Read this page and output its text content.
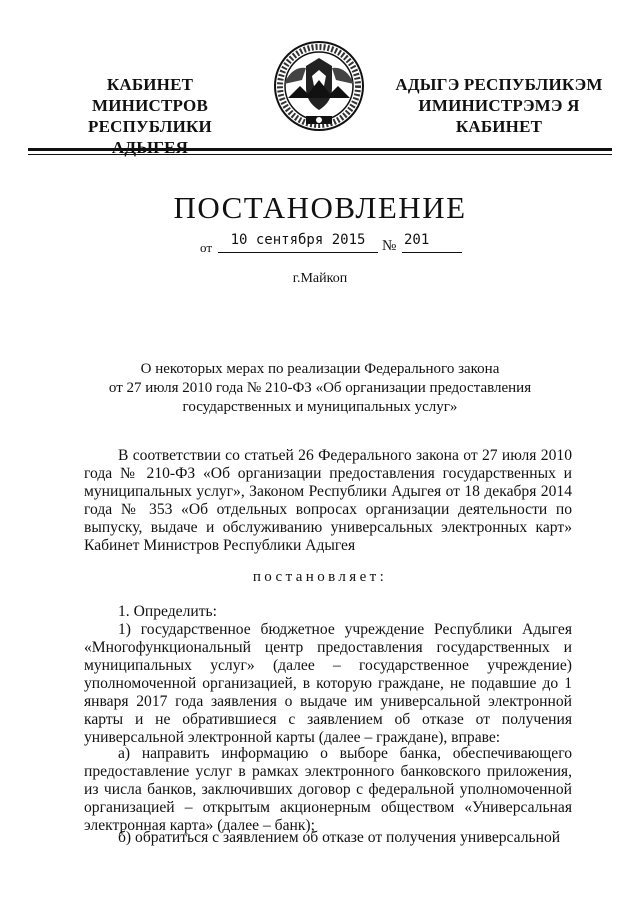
КАБИНЕТ МИНИСТРОВ
РЕСПУБЛИКИ
АДЫГЭ РЕСПУБЛИКЭМ
ИМИНИСТРЭМЭ Я КАБИНЕТ
ПОСТАНОВЛЕНИЕ
от	10 сентября 2015	№ 201
г.Майкоп
О некоторых мерах по реализации Федерального закона
от 27 июля 2010 года № 210-ФЗ «Об организации предоставления
государственных и муниципальных услуг»
В соответствии со статьей 26 Федерального закона от 27 июля 2010 года № 210-ФЗ «Об организации предоставления государственных и муниципальных услуг», Законом Республики Адыгея от 18 декабря 2014 года № 353 «Об отдельных вопросах организации деятельности по выпуску, выдаче и обслуживанию универсальных электронных карт» Кабинет Министров Республики Адыгея
постановляет:
1. Определить:
1) государственное бюджетное учреждение Республики Адыгея «Многофункциональный центр предоставления государственных и муниципальных услуг» (далее – государственное учреждение) уполномоченной организацией, в которую граждане, не подавшие до 1 января 2017 года заявления о выдаче им универсальной электронной карты и не обратившиеся с заявлением об отказе от получения универсальной электронной карты (далее – граждане), вправе:
а) направить информацию о выборе банка, обеспечивающего предоставление услуг в рамках электронного банковского приложения, из числа банков, заключивших договор с федеральной уполномоченной организацией – открытым акционерным обществом «Универсальная электронная карта» (далее – банк);
б) обратиться с заявлением об отказе от получения универсальной
